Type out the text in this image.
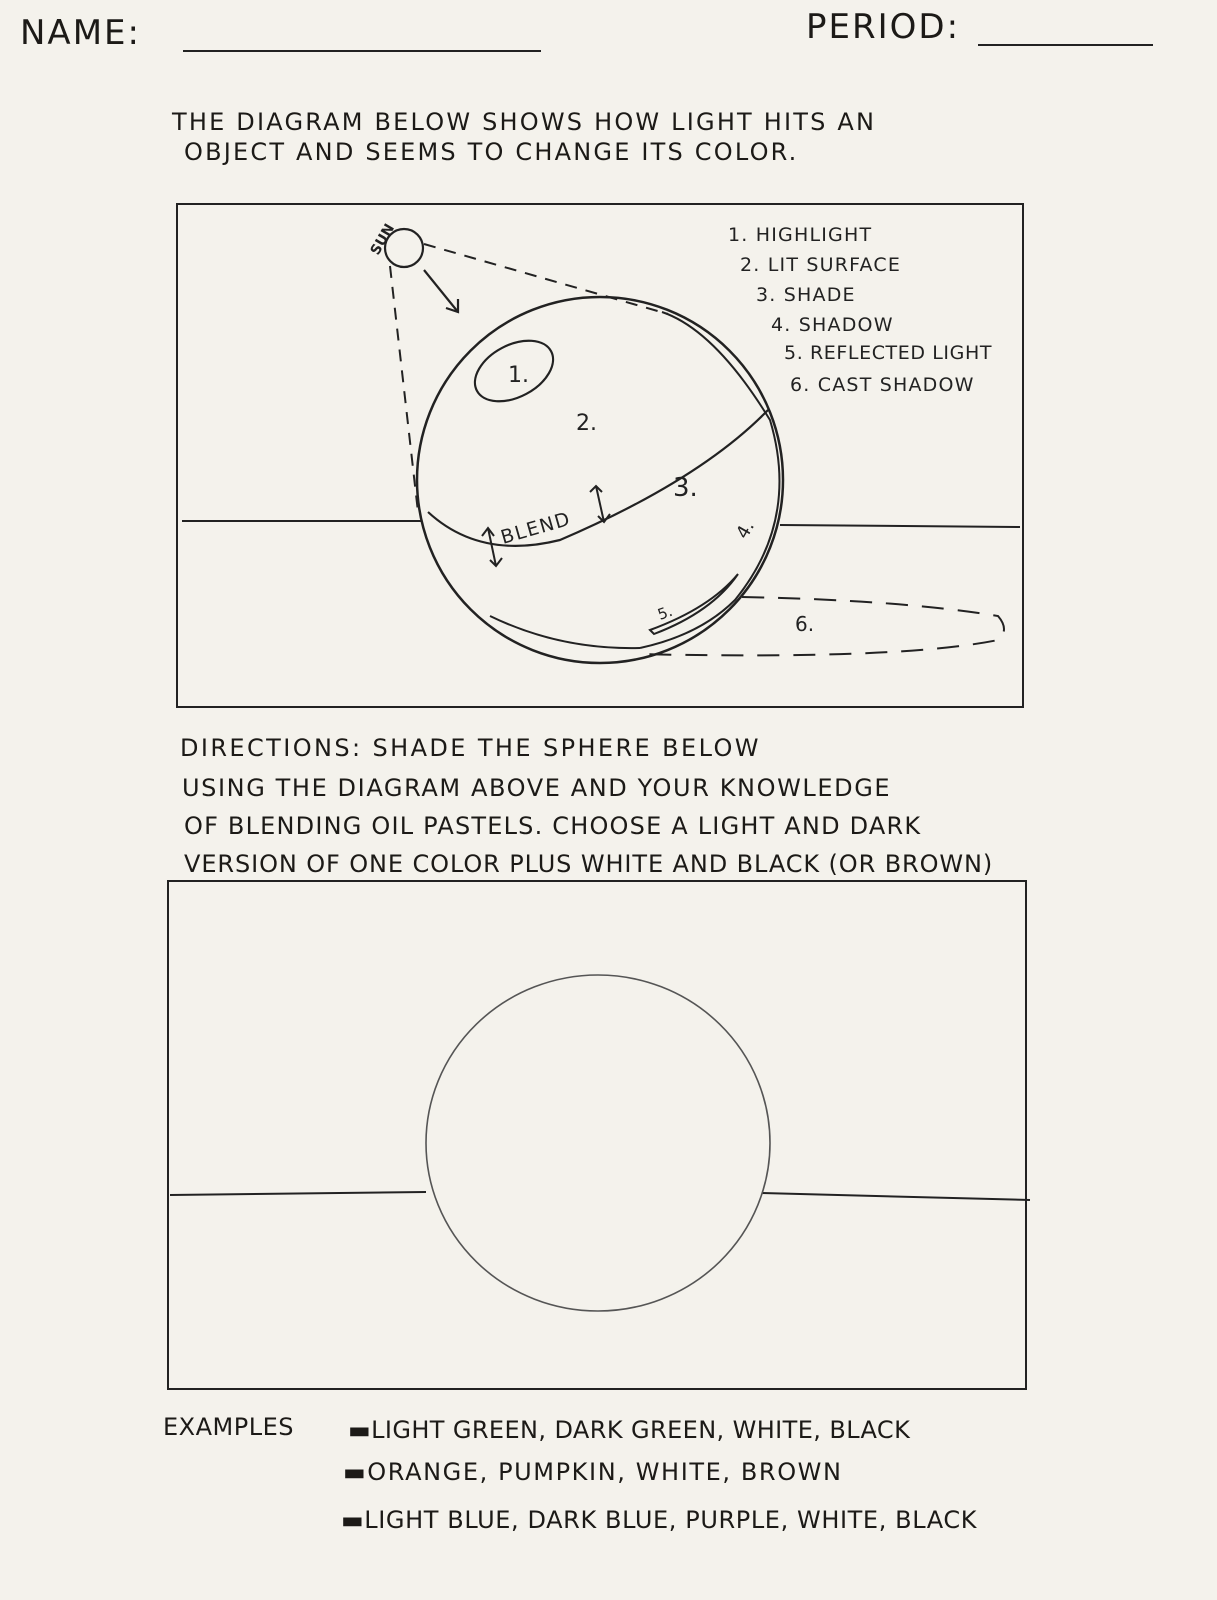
NAME:	PERIOD:
THE DIAGRAM BELOW SHOWS HOW LIGHT HITS AN
OBJECT AND SEEMS TO CHANGE ITS COLOR.
SUN
BLEND
1.
2.
3.
4.
5.	6.
1. HIGHLIGHT
2. LIT SURFACE
3. SHADE
4. SHADOW
5. REFLECTED LIGHT
6. CAST SHADOW
DIRECTIONS: SHADE THE SPHERE BELOW
USING THE DIAGRAM ABOVE AND YOUR KNOWLEDGE
OF BLENDING OIL PASTELS. CHOOSE A LIGHT AND DARK
VERSION OF ONE COLOR PLUS WHITE AND BLACK (OR BROWN)
EXAMPLES ▬LIGHT GREEN, DARK GREEN, WHITE, BLACK
▬ORANGE, PUMPKIN, WHITE, BROWN
▬LIGHT BLUE, DARK BLUE, PURPLE, WHITE, BLACK
